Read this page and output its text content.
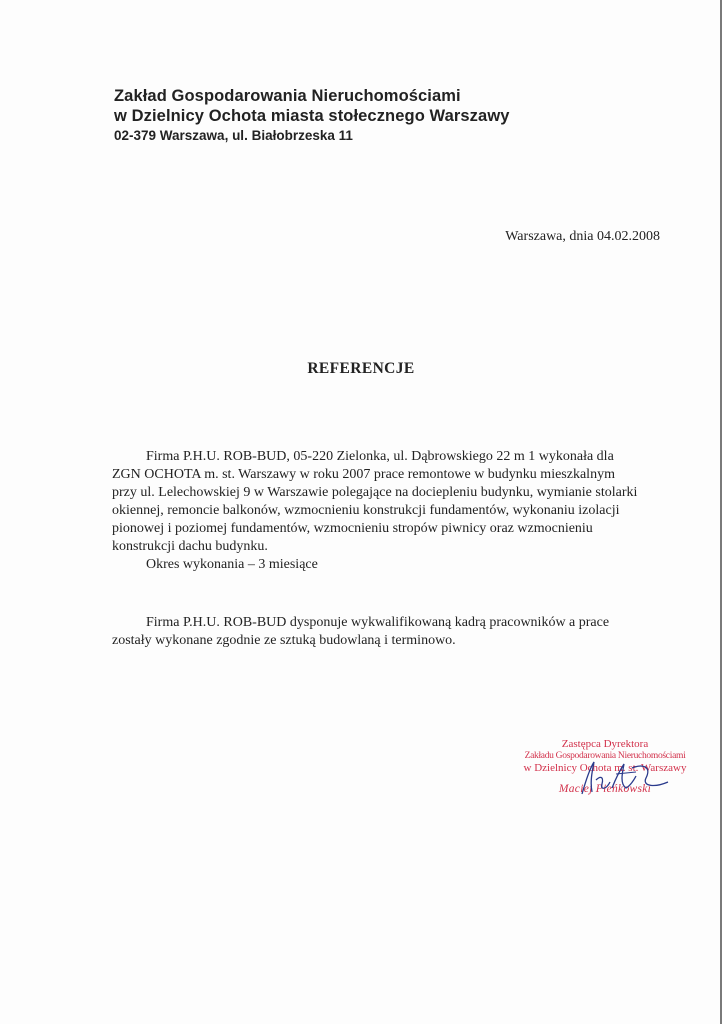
Zakład Gospodarowania Nieruchomościami
w Dzielnicy Ochota miasta stołecznego Warszawy
02-379 Warszawa, ul. Białobrzeska 11
Warszawa, dnia 04.02.2008
REFERENCJE
Firma P.H.U. ROB-BUD, 05-220 Zielonka, ul. Dąbrowskiego 22 m 1 wykonała dla
ZGN OCHOTA m. st. Warszawy w roku 2007 prace remontowe w budynku mieszkalnym
przy ul. Lelechowskiej 9 w Warszawie polegające na dociepleniu budynku, wymianie stolarki
okiennej, remoncie balkonów, wzmocnieniu konstrukcji fundamentów, wykonaniu izolacji
pionowej i poziomej fundamentów, wzmocnieniu stropów piwnicy oraz wzmocnieniu
konstrukcji dachu budynku.
Okres wykonania – 3 miesiące
Firma P.H.U. ROB-BUD dysponuje wykwalifikowaną kadrą pracowników a prace
zostały wykonane zgodnie ze sztuką budowlaną i terminowo.
Zastępca Dyrektora
Zakładu Gospodarowania Nieruchomościami
w Dzielnicy Ochota m. st. Warszawy
Maciej Pieńkowski
